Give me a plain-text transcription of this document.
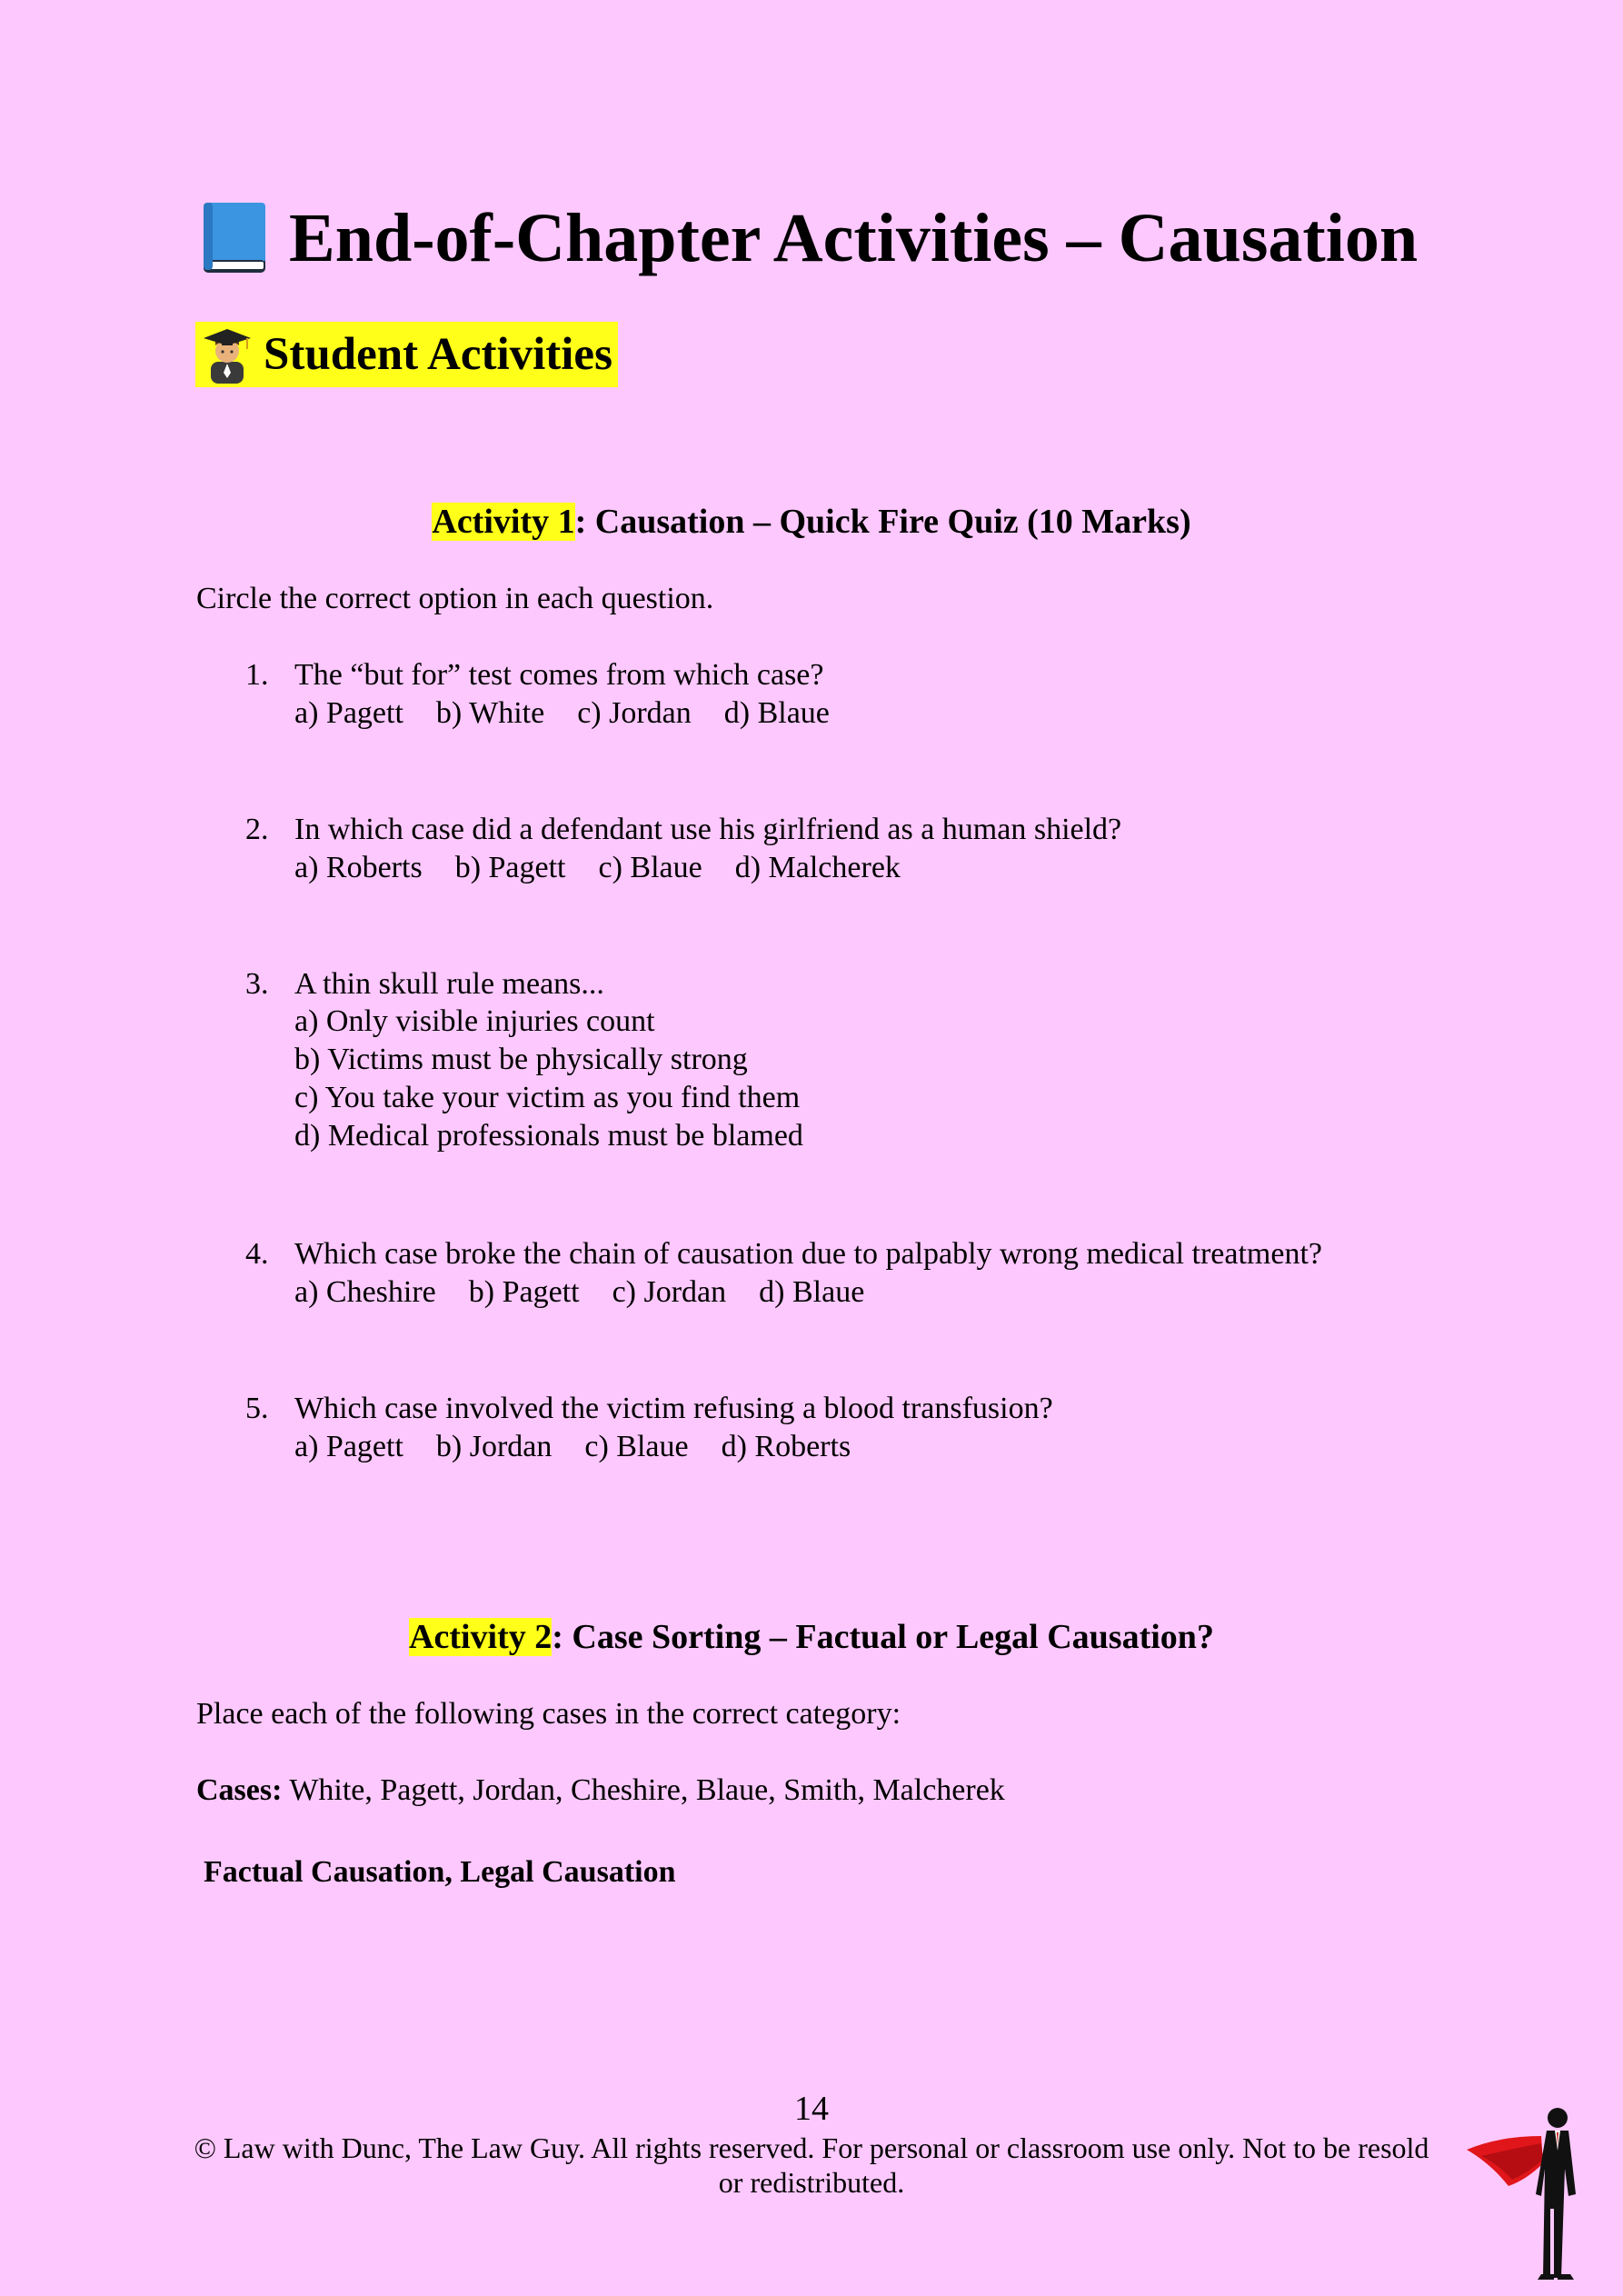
End-of-Chapter Activities – Causation
Student Activities
Activity 1: Causation – Quick Fire Quiz (10 Marks)
Circle the correct option in each question.
1. The “but for” test comes from which case?
a) Pagett b) White c) Jordan d) Blaue
2. In which case did a defendant use his girlfriend as a human shield?
a) Roberts b) Pagett c) Blaue d) Malcherek
3. A thin skull rule means...
a) Only visible injuries count
b) Victims must be physically strong
c) You take your victim as you find them
d) Medical professionals must be blamed
4. Which case broke the chain of causation due to palpably wrong medical treatment?
a) Cheshire b) Pagett c) Jordan d) Blaue
5. Which case involved the victim refusing a blood transfusion?
a) Pagett b) Jordan c) Blaue d) Roberts
Activity 2: Case Sorting – Factual or Legal Causation?
Place each of the following cases in the correct category:
Cases: White, Pagett, Jordan, Cheshire, Blaue, Smith, Malcherek
Factual Causation, Legal Causation
14
© Law with Dunc, The Law Guy. All rights reserved. For personal or classroom use only. Not to be resold or redistributed.
